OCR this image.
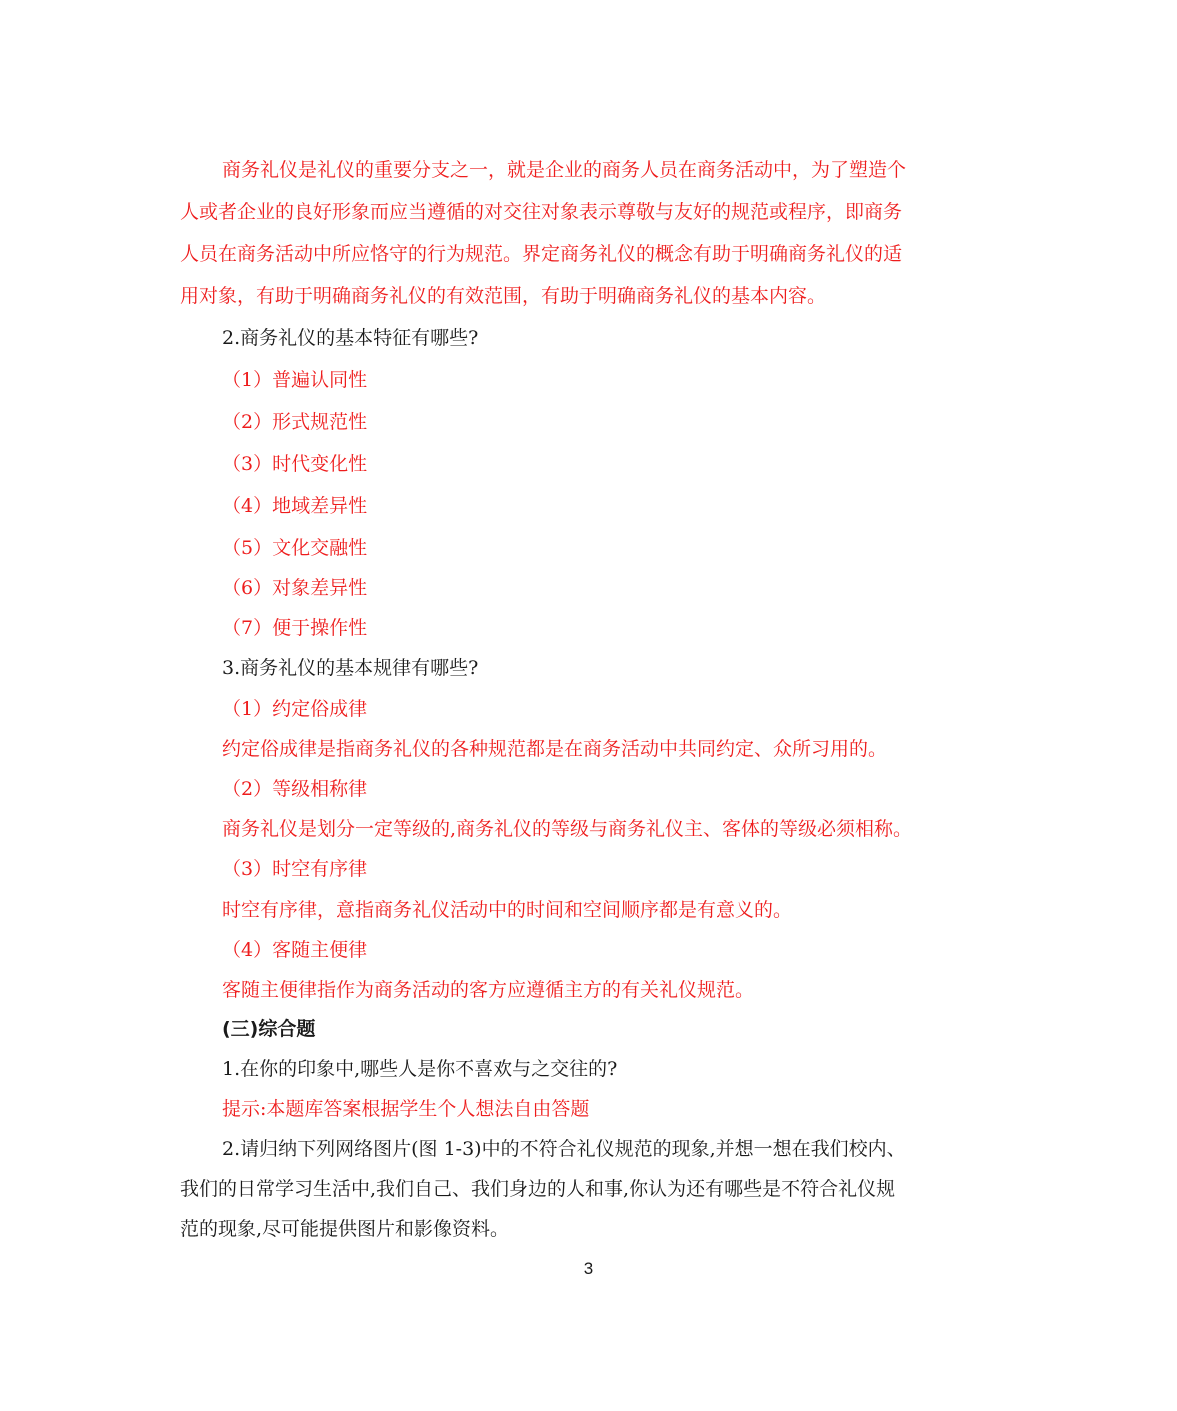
商务礼仪是礼仪的重要分支之一，就是企业的商务人员在商务活动中，为了塑造个
人或者企业的良好形象而应当遵循的对交往对象表示尊敬与友好的规范或程序，即商务
人员在商务活动中所应恪守的行为规范。界定商务礼仪的概念有助于明确商务礼仪的适
用对象，有助于明确商务礼仪的有效范围，有助于明确商务礼仪的基本内容。
2.商务礼仪的基本特征有哪些?
（1）普遍认同性
（2）形式规范性
（3）时代变化性
（4）地域差异性
（5）文化交融性
（6）对象差异性
（7）便于操作性
3.商务礼仪的基本规律有哪些?
（1）约定俗成律
约定俗成律是指商务礼仪的各种规范都是在商务活动中共同约定、众所习用的。
（2）等级相称律
商务礼仪是划分一定等级的,商务礼仪的等级与商务礼仪主、客体的等级必须相称。
（3）时空有序律
时空有序律，意指商务礼仪活动中的时间和空间顺序都是有意义的。
（4）客随主便律
客随主便律指作为商务活动的客方应遵循主方的有关礼仪规范。
(三)综合题
1.在你的印象中,哪些人是你不喜欢与之交往的?
提示:本题库答案根据学生个人想法自由答题
2.请归纳下列网络图片(图 1-3)中的不符合礼仪规范的现象,并想一想在我们校内、
我们的日常学习生活中,我们自己、我们身边的人和事,你认为还有哪些是不符合礼仪规
范的现象,尽可能提供图片和影像资料。
3
